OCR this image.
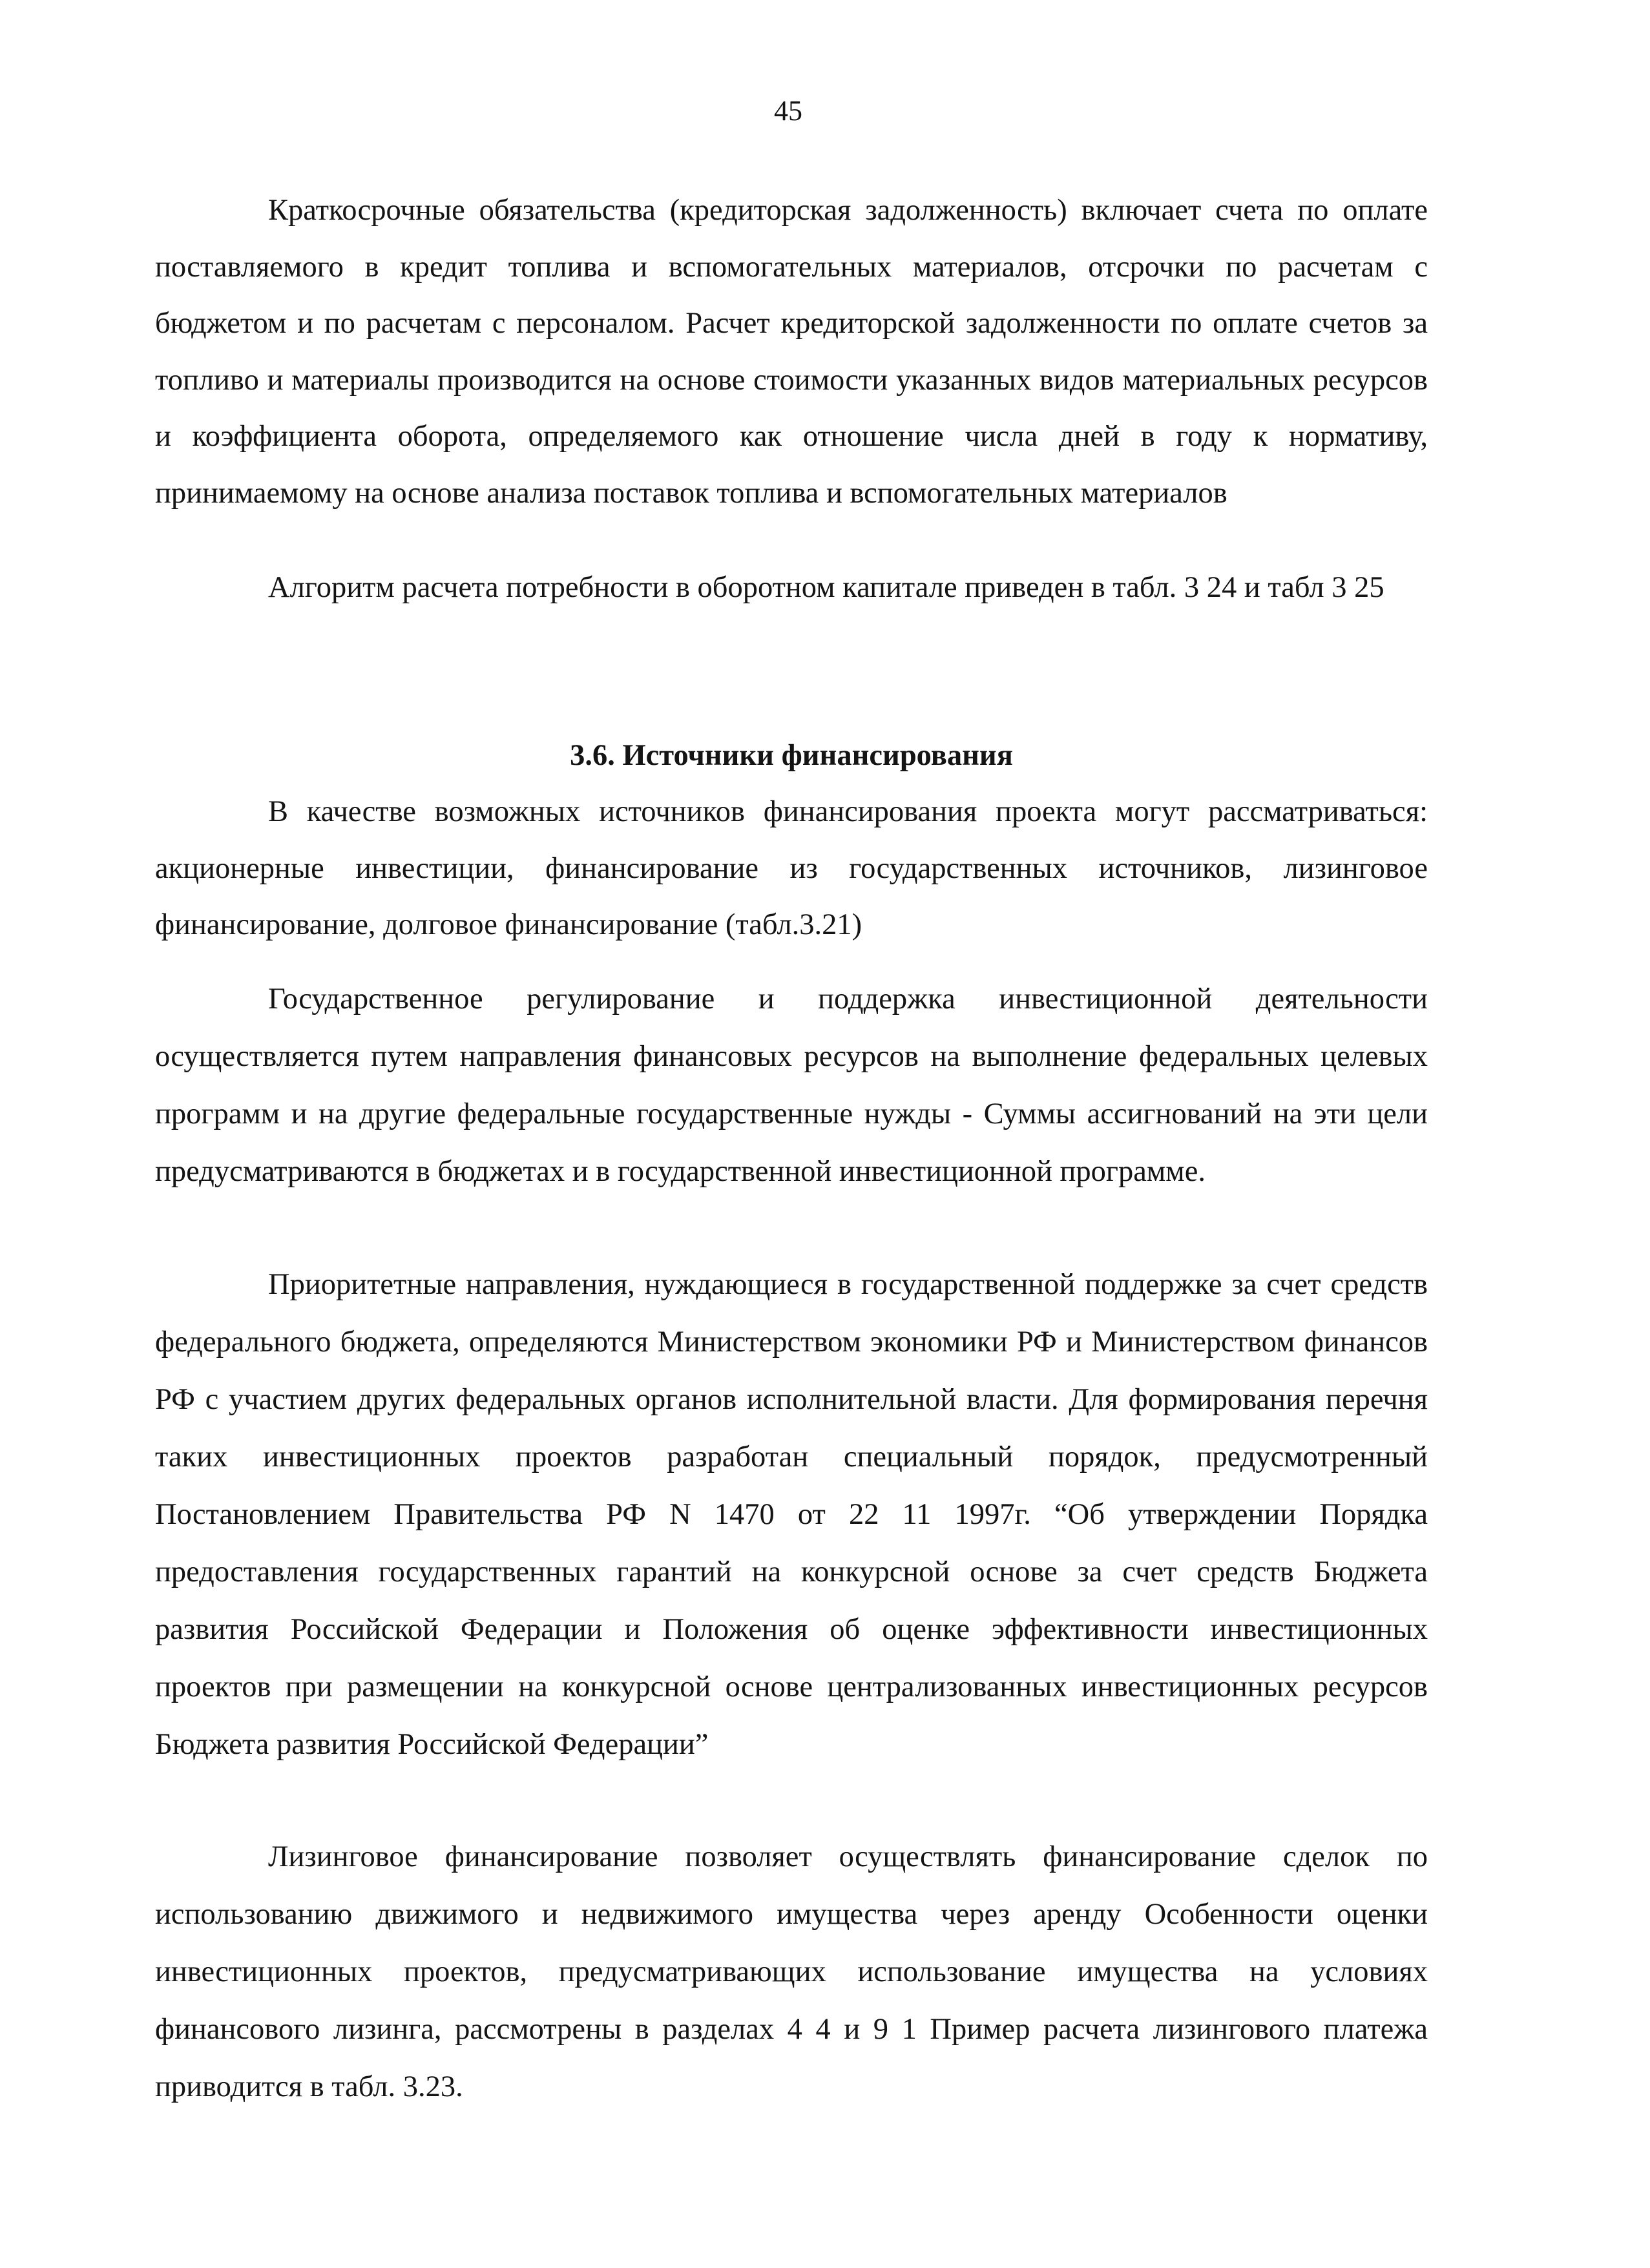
45

Краткосрочные обязательства (кредиторская задолженность) включает счета по оплате поставляемого в кредит топлива и вспомогательных материалов, отсрочки по расчетам с бюджетом и по расчетам с персоналом. Расчет кредиторской задолженности по оплате счетов за топливо и материалы производится на основе стоимости указанных видов материальных ресурсов и коэффициента оборота, определяемого как отношение числа дней в году к нормативу, принимаемому на основе анализа поставок топлива и вспомогательных материалов

Алгоритм расчета потребности в оборотном капитале приведен в табл. 3 24 и табл 3 25

3.6. Источники финансирования

В качестве возможных источников финансирования проекта могут рассматриваться: акционерные инвестиции, финансирование из государственных источников, лизинговое финансирование, долговое финансирование (табл.3.21)

Государственное регулирование и поддержка инвестиционной деятельности осуществляется путем направления финансовых ресурсов на выполнение федеральных целевых программ и на другие федеральные государственные нужды - Суммы ассигнований на эти цели предусматриваются в бюджетах и в государственной инвестиционной программе.

Приоритетные направления, нуждающиеся в государственной поддержке за счет средств федерального бюджета, определяются Министерством экономики РФ и Министерством финансов РФ с участием других федеральных органов исполнительной власти. Для формирования перечня таких инвестиционных проектов разработан специальный порядок, предусмотренный Постановлением Правительства РФ N 1470 от 22 11 1997г. “Об утверждении Порядка предоставления государственных гарантий на конкурсной основе за счет средств Бюджета развития Российской Федерации и Положения об оценке эффективности инвестиционных проектов при размещении на конкурсной основе централизованных инвестиционных ресурсов Бюджета развития Российской Федерации”

Лизинговое финансирование позволяет осуществлять финансирование сделок по использованию движимого и недвижимого имущества через аренду Особенности оценки инвестиционных проектов, предусматривающих использование имущества на условиях финансового лизинга, рассмотрены в разделах 4 4 и 9 1 Пример расчета лизингового платежа приводится в табл. 3.23.
